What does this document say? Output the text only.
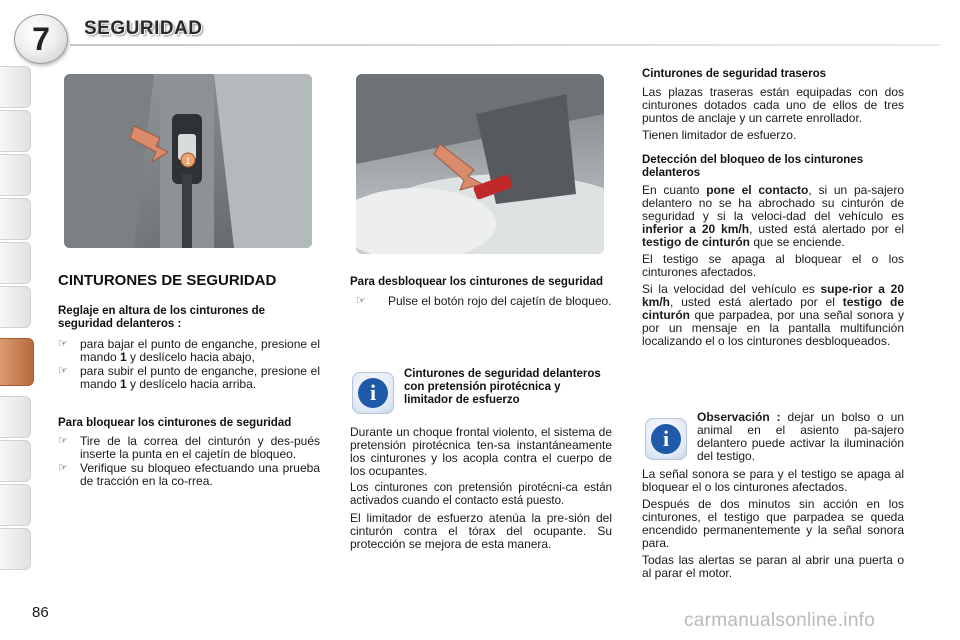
7	SEGURIDAD
1
CINTURONES DE SEGURIDAD
Reglaje en altura de los cinturones de seguridad delanteros :
☞ para bajar el punto de enganche, presione el mando 1 y deslícelo hacia abajo,
☞ para subir el punto de enganche, presione el mando 1 y deslícelo hacia arriba.
Para bloquear los cinturones de seguridad
☞ Tire de la correa del cinturón y des-pués inserte la punta en el cajetín de bloqueo.
☞ Verifique su bloqueo efectuando una prueba de tracción en la co-rrea.
Para desbloquear los cinturones de seguridad
☞ Pulse el botón rojo del cajetín de bloqueo.
i
Cinturones de seguridad delanteros con pretensión pirotécnica y limitador de esfuerzo
Durante un choque frontal violento, el sistema de pretensión pirotécnica ten-sa instantáneamente los cinturones y los acopla contra el cuerpo de los ocupantes.
Los cinturones con pretensión pirotécni-ca están activados cuando el contacto está puesto.
El limitador de esfuerzo atenúa la pre-sión del cinturón contra el tórax del ocupante. Su protección se mejora de esta manera.
Cinturones de seguridad traseros
Las plazas traseras están equipadas con dos cinturones dotados cada uno de ellos de tres puntos de anclaje y un carrete enrollador.
Tienen limitador de esfuerzo.
Detección del bloqueo de los cinturones delanteros
En cuanto pone el contacto, si un pa-sajero delantero no se ha abrochado su cinturón de seguridad y si la veloci-dad del vehículo es inferior a 20 km/h, usted está alertado por el testigo de cinturón que se enciende.
El testigo se apaga al bloquear el o los cinturones afectados.
Si la velocidad del vehículo es supe-rior a 20 km/h, usted está alertado por el testigo de cinturón que parpadea, por una señal sonora y por un mensaje en la pantalla multifunción localizando el o los cinturones desbloqueados.
i
Observación : dejar un bolso o un animal en el asiento pa-sajero delantero puede activar la iluminación del testigo.
La señal sonora se para y el testigo se apaga al bloquear el o los cinturones afectados.
Después de dos minutos sin acción en los cinturones, el testigo que parpadea se queda encendido permanentemente y la señal sonora para.
Todas las alertas se paran al abrir una puerta o al parar el motor.
86	carmanualsonline.info
